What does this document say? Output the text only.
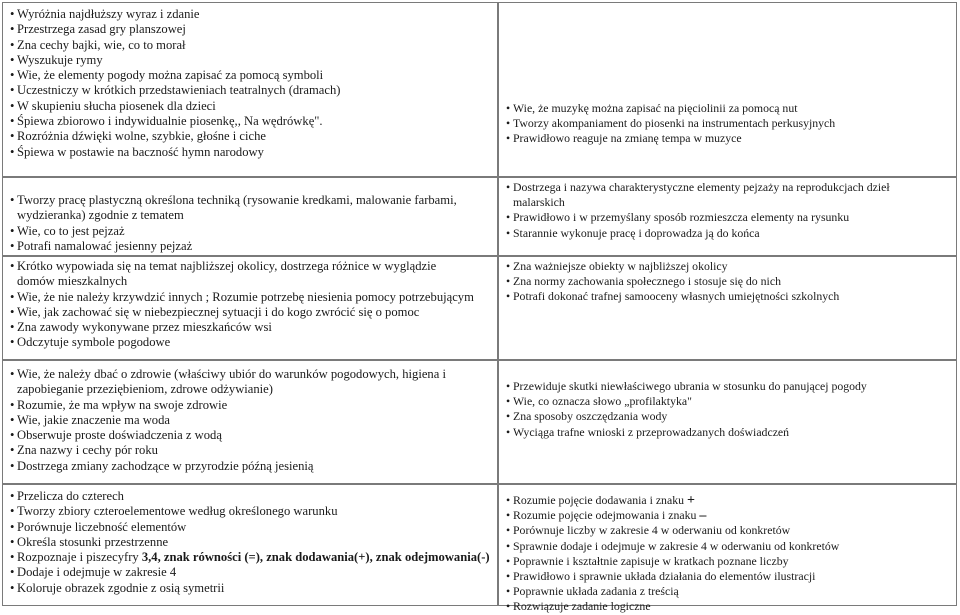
• Wyróżnia najdłuższy wyraz i zdanie
• Przestrzega zasad gry planszowej
• Zna cechy bajki, wie, co to morał
• Wyszukuje rymy
• Wie, że elementy pogody można zapisać za pomocą symboli
• Uczestniczy w krótkich przedstawieniach teatralnych (dramach)
• W skupieniu słucha piosenek dla dzieci
• Śpiewa zbiorowo i indywidualnie piosenkę,, Na wędrówkę".
• Rozróżnia dźwięki wolne, szybkie, głośne i ciche
• Śpiewa w postawie na baczność hymn narodowy
• Wie, że muzykę można zapisać na pięciolinii za pomocą nut
• Tworzy akompaniament do piosenki na instrumentach perkusyjnych
• Prawidłowo reaguje na zmianę tempa w muzyce
• Tworzy pracę plastyczną określona techniką (rysowanie kredkami, malowanie farbami, wydzieranka) zgodnie z tematem
• Wie, co to jest pejzaż
• Potrafi namalować jesienny pejzaż
• Dostrzega i nazywa charakterystyczne elementy pejzaży na reprodukcjach dzieł malarskich
• Prawidłowo i w przemyślany sposób rozmieszcza elementy na rysunku
• Starannie wykonuje pracę i doprowadza ją do końca
• Krótko wypowiada się na temat najbliższej okolicy, dostrzega różnice w wyglądzie domów mieszkalnych
• Wie, że nie należy krzywdzić innych ; Rozumie potrzebę niesienia pomocy potrzebującym
• Wie, jak zachować się w niebezpiecznej sytuacji i do kogo zwrócić się o pomoc
• Zna zawody wykonywane przez mieszkańców wsi
• Odczytuje symbole pogodowe
• Zna ważniejsze obiekty w najbliższej okolicy
• Zna normy zachowania społecznego i stosuje się do nich
• Potrafi dokonać trafnej samooceny własnych umiejętności szkolnych
• Wie, że należy dbać o zdrowie (właściwy ubiór do warunków pogodowych, higiena i zapobieganie przeziębieniom, zdrowe odżywianie)
• Rozumie, że ma wpływ na swoje zdrowie
• Wie, jakie znaczenie ma woda
• Obserwuje proste doświadczenia z wodą
• Zna nazwy i cechy pór roku
• Dostrzega zmiany zachodzące w przyrodzie późną jesienią
• Przewiduje skutki niewłaściwego ubrania w stosunku do panującej pogody
• Wie, co oznacza słowo „profilaktyka"
• Zna sposoby oszczędzania wody
• Wyciąga trafne wnioski z przeprowadzanych doświadczeń
• Przelicza do czterech
• Tworzy zbiory czteroelementowe według określonego warunku
• Porównuje liczebność elementów
• Określa stosunki przestrzenne
• Rozpoznaje i piszecyfry 3,4, znak równości (=), znak dodawania(+), znak odejmowania(-)
• Dodaje i odejmuje w zakresie 4
• Koloruje obrazek zgodnie z osią symetrii
• Rozumie pojęcie dodawania i znaku +
• Rozumie pojęcie odejmowania i znaku –
• Porównuje liczby w zakresie 4 w oderwaniu od konkretów
• Sprawnie dodaje i odejmuje w zakresie 4 w oderwaniu od konkretów
• Poprawnie i kształtnie zapisuje w kratkach poznane liczby
• Prawidłowo i sprawnie układa działania do elementów ilustracji
• Poprawnie układa zadania z treścią
• Rozwiązuje zadanie logiczne
